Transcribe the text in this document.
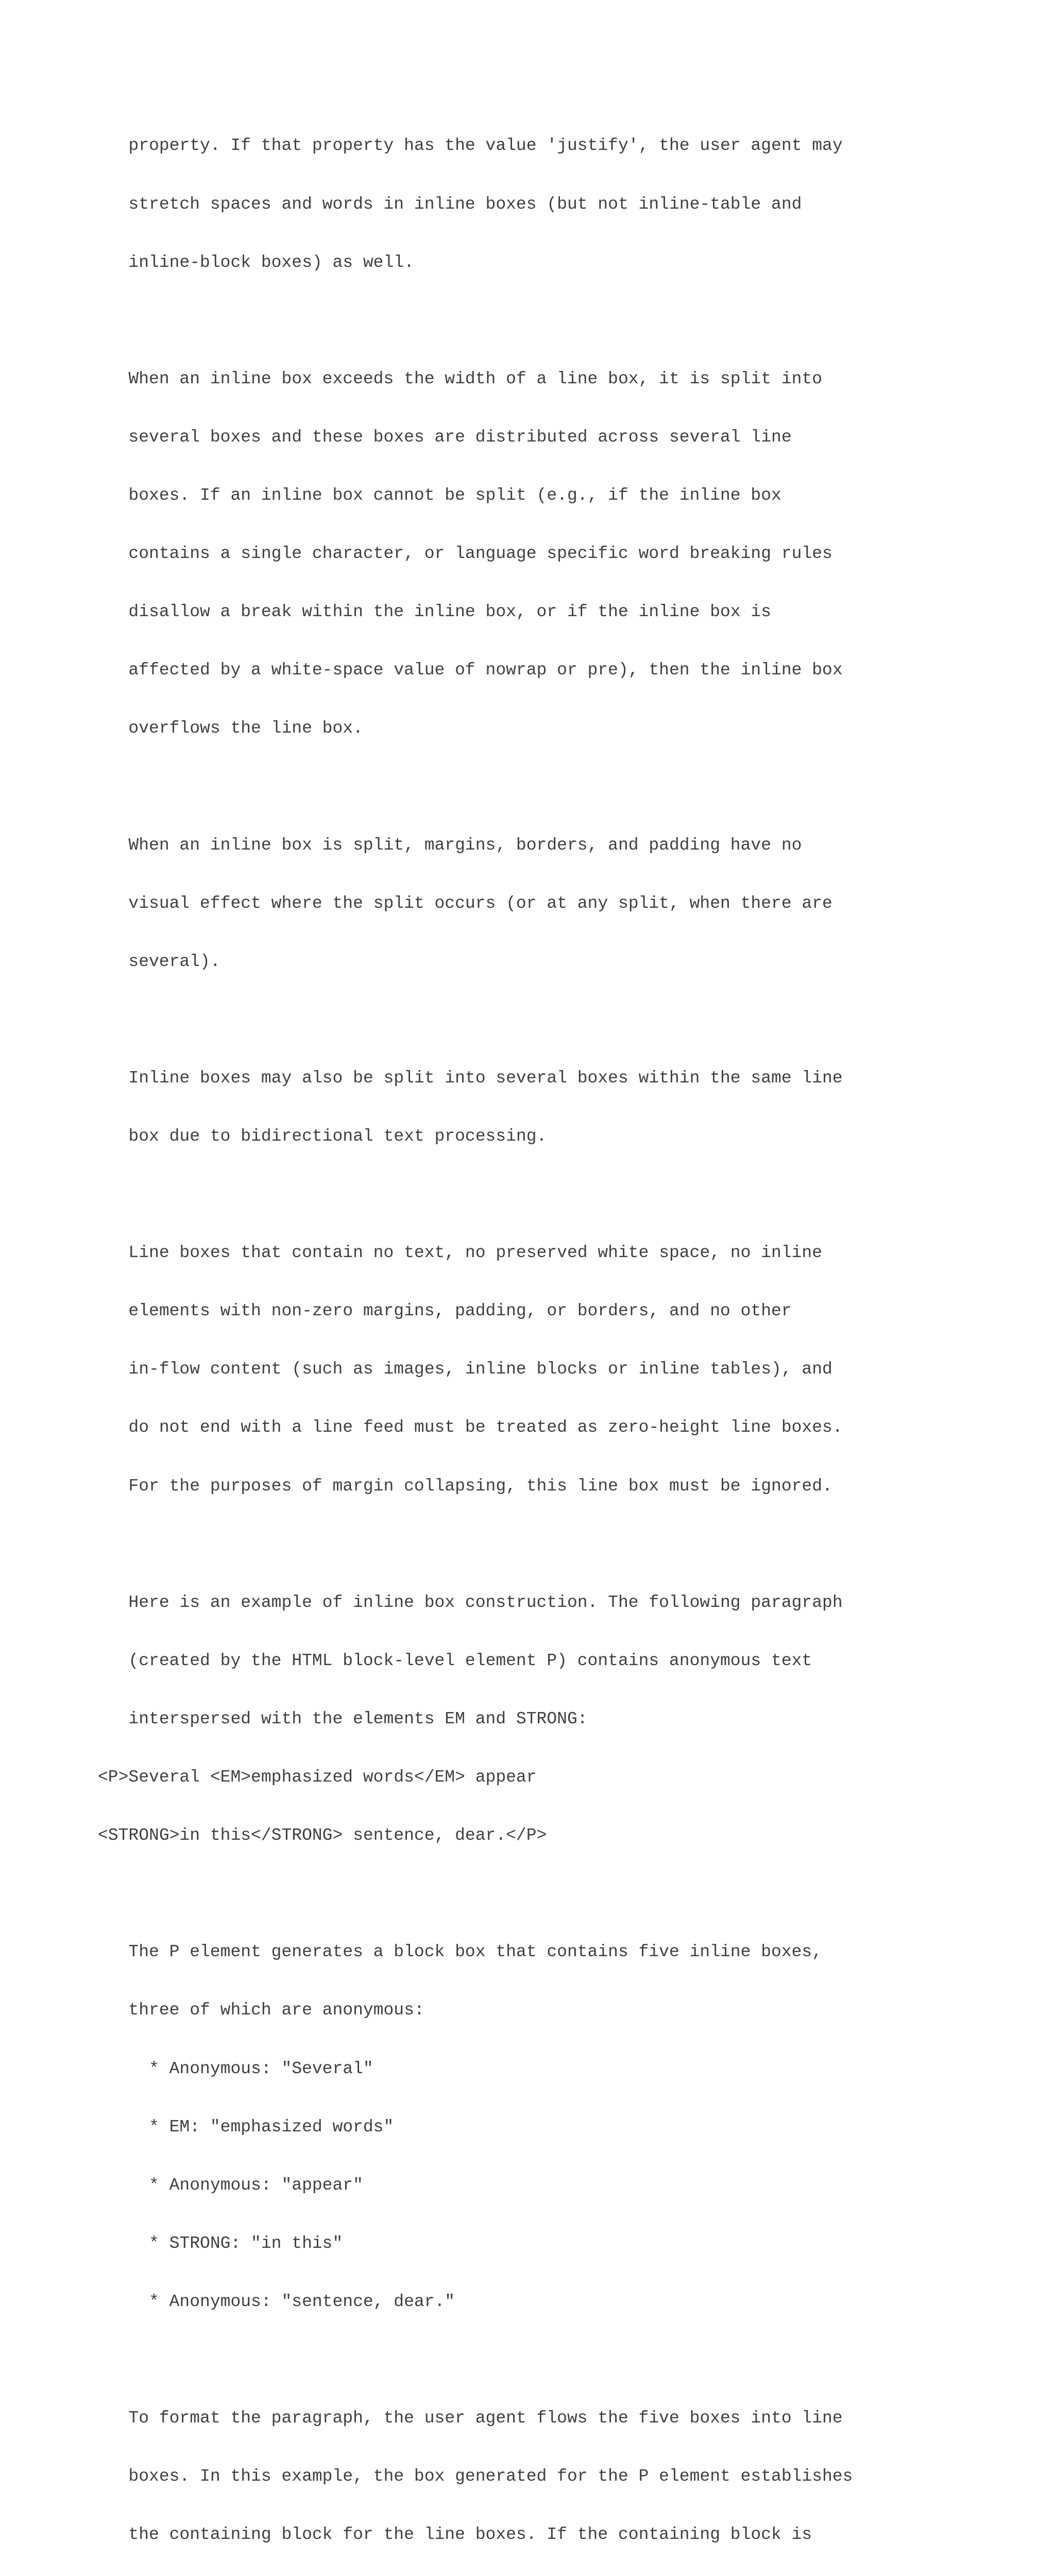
property. If that property has the value 'justify', the user agent may

stretch spaces and words in inline boxes (but not inline-table and

inline-block boxes) as well.

When an inline box exceeds the width of a line box, it is split into

several boxes and these boxes are distributed across several line

boxes. If an inline box cannot be split (e.g., if the inline box

contains a single character, or language specific word breaking rules

disallow a break within the inline box, or if the inline box is

affected by a white-space value of nowrap or pre), then the inline box

overflows the line box.

When an inline box is split, margins, borders, and padding have no

visual effect where the split occurs (or at any split, when there are

several).

Inline boxes may also be split into several boxes within the same line

box due to bidirectional text processing.

Line boxes that contain no text, no preserved white space, no inline

elements with non-zero margins, padding, or borders, and no other

in-flow content (such as images, inline blocks or inline tables), and

do not end with a line feed must be treated as zero-height line boxes.

For the purposes of margin collapsing, this line box must be ignored.

Here is an example of inline box construction. The following paragraph

(created by the HTML block-level element P) contains anonymous text

interspersed with the elements EM and STRONG:

<P>Several <EM>emphasized words</EM> appear

<STRONG>in this</STRONG> sentence, dear.</P>

The P element generates a block box that contains five inline boxes,

three of which are anonymous:

* Anonymous: "Several"

* EM: "emphasized words"

* Anonymous: "appear"

* STRONG: "in this"

* Anonymous: "sentence, dear."

To format the paragraph, the user agent flows the five boxes into line

boxes. In this example, the box generated for the P element establishes

the containing block for the line boxes. If the containing block is
